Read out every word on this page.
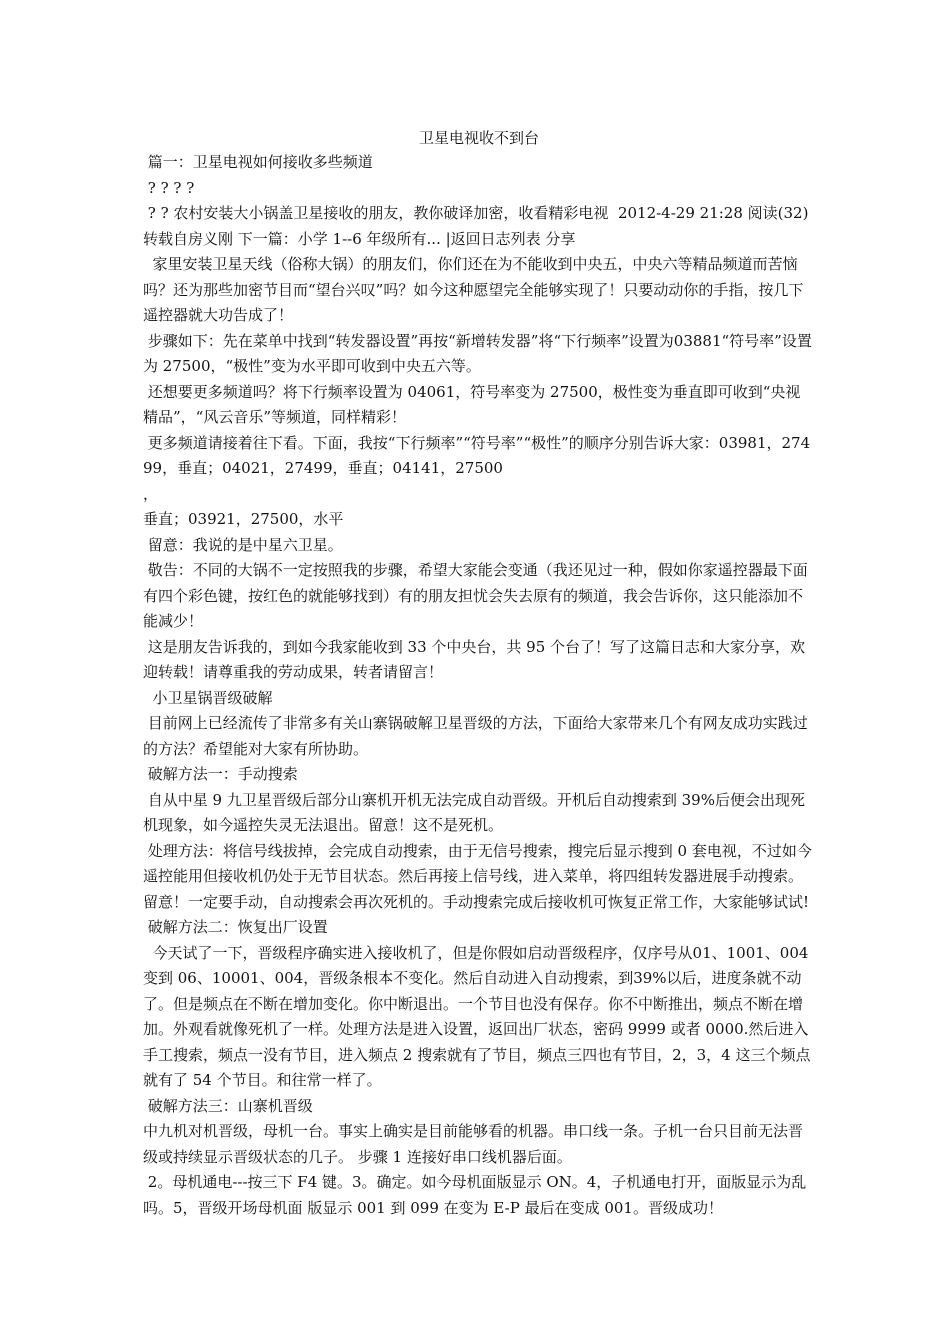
卫星电视收不到台

篇一：卫星电视如何接收多些频道

? ? ? ?

? ? 农村安装大小锅盖卫星接收的朋友，教你破译加密，收看精彩电视  2012-4-29 21:28 阅读(32)转载自房义刚 下一篇：小学 1--6 年级所有... |返回日志列表 分享

家里安装卫星天线（俗称大锅）的朋友们，你们还在为不能收到中央五，中央六等精品频道而苦恼吗？还为那些加密节目而“望台兴叹”吗？如今这种愿望完全能够实现了！只要动动你的手指，按几下遥控器就大功告成了！

步骤如下：先在菜单中找到“转发器设置”再按“新增转发器”将“下行频率”设置为03881“符号率”设置为 27500，“极性”变为水平即可收到中央五六等。

还想要更多频道吗？将下行频率设置为 04061，符号率变为 27500，极性变为垂直即可收到“央视精品”，“风云音乐”等频道，同样精彩！

更多频道请接着往下看。下面，我按“下行频率”“符号率”“极性”的顺序分别告诉大家：03981，27499，垂直；04021，27499，垂直；04141，27500

，

垂直；03921，27500，水平

留意：我说的是中星六卫星。

敬告：不同的大锅不一定按照我的步骤，希望大家能会变通（我还见过一种，假如你家遥控器最下面有四个彩色键，按红色的就能够找到）有的朋友担忧会失去原有的频道，我会告诉你，这只能添加不能减少！

这是朋友告诉我的，到如今我家能收到 33 个中央台，共 95 个台了！写了这篇日志和大家分享，欢迎转载！请尊重我的劳动成果，转者请留言！

小卫星锅晋级破解

目前网上已经流传了非常多有关山寨锅破解卫星晋级的方法，下面给大家带来几个有网友成功实践过的方法？希望能对大家有所协助。

破解方法一：手动搜索

自从中星 9 九卫星晋级后部分山寨机开机无法完成自动晋级。开机后自动搜索到 39%后便会出现死机现象，如今遥控失灵无法退出。留意！这不是死机。

处理方法：将信号线拔掉，会完成自动搜索，由于无信号搜索，搜完后显示搜到 0 套电视，不过如今遥控能用但接收机仍处于无节目状态。然后再接上信号线，进入菜单，将四组转发器进展手动搜索。留意！一定要手动，自动搜索会再次死机的。手动搜索完成后接收机可恢复正常工作，大家能够试试!

破解方法二：恢复出厂设置

今天试了一下，晋级程序确实进入接收机了，但是你假如启动晋级程序，仅序号从01、1001、004 变到 06、10001、004，晋级条根本不变化。然后自动进入自动搜索，到39%以后，进度条就不动了。但是频点在不断在增加变化。你中断退出。一个节目也没有保存。你不中断推出，频点不断在增加。外观看就像死机了一样。处理方法是进入设置，返回出厂状态，密码 9999 或者 0000.然后进入手工搜索，频点一没有节目，进入频点 2 搜索就有了节目，频点三四也有节目，2，3，4 这三个频点就有了 54 个节目。和往常一样了。

破解方法三：山寨机晋级

中九机对机晋级，母机一台。事实上确实是目前能够看的机器。串口线一条。子机一台只目前无法晋级或持续显示晋级状态的几子。 步骤 1 连接好串口线机器后面。

2。母机通电---按三下 F4 键。3。确定。如今母机面版显示 ON。4，子机通电打开，面版显示为乱吗。5，晋级开场母机面 版显示 001 到 099 在变为 E-P 最后在变成 001。晋级成功！
